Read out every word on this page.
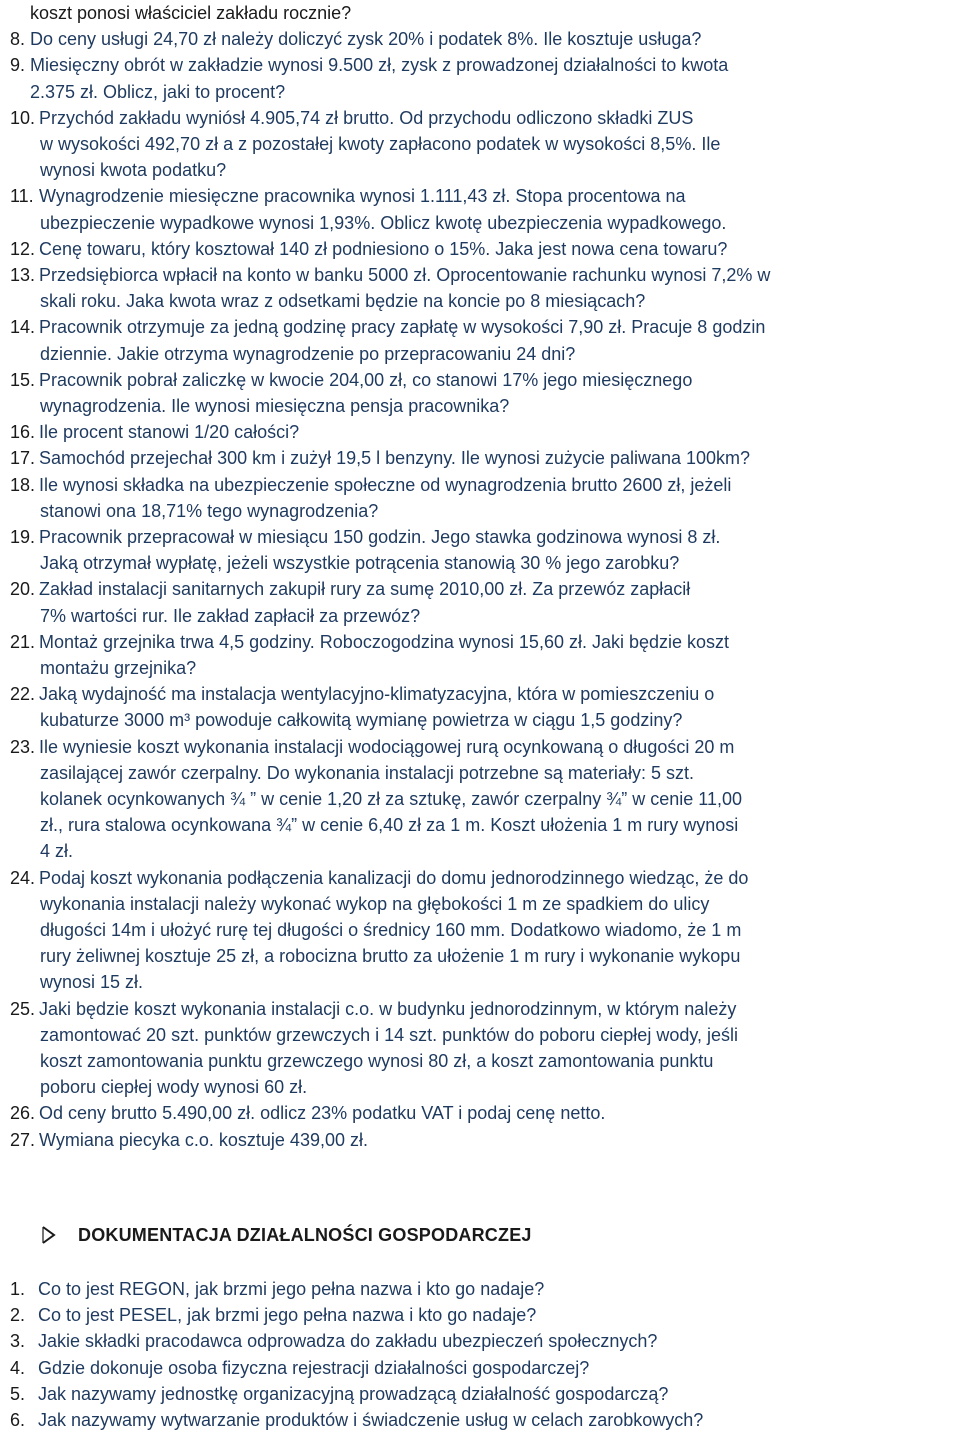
koszt ponosi właściciel zakładu rocznie?
8. Do ceny usługi 24,70 zł należy doliczyć zysk 20% i podatek 8%. Ile kosztuje usługa?
9. Miesięczny obrót w zakładzie wynosi 9.500 zł, zysk z prowadzonej działalności to kwota
2.375 zł. Oblicz, jaki to procent?
10. Przychód zakładu wyniósł 4.905,74 zł brutto. Od przychodu odliczono składki ZUS
w wysokości 492,70 zł a z pozostałej kwoty zapłacono podatek w wysokości 8,5%. Ile
wynosi kwota podatku?
11. Wynagrodzenie miesięczne pracownika wynosi 1.111,43 zł. Stopa procentowa na
ubezpieczenie wypadkowe wynosi 1,93%. Oblicz kwotę ubezpieczenia wypadkowego.
12. Cenę towaru, który kosztował 140 zł podniesiono o 15%. Jaka jest nowa cena towaru?
13. Przedsiębiorca wpłacił na konto w banku 5000 zł. Oprocentowanie rachunku wynosi 7,2% w
skali roku. Jaka kwota wraz z odsetkami będzie na koncie po 8 miesiącach?
14. Pracownik otrzymuje za jedną godzinę pracy zapłatę w wysokości 7,90 zł. Pracuje 8 godzin
dziennie. Jakie otrzyma wynagrodzenie po przepracowaniu 24 dni?
15. Pracownik pobrał zaliczkę w kwocie 204,00 zł, co stanowi 17% jego miesięcznego
wynagrodzenia. Ile wynosi miesięczna pensja pracownika?
16. Ile procent stanowi 1/20 całości?
17. Samochód przejechał 300 km i zużył 19,5 l benzyny. Ile wynosi zużycie paliwana 100km?
18. Ile wynosi składka na ubezpieczenie społeczne od wynagrodzenia brutto 2600 zł, jeżeli
stanowi ona 18,71% tego wynagrodzenia?
19. Pracownik przepracował w miesiącu 150 godzin. Jego stawka godzinowa wynosi 8 zł.
Jaką otrzymał wypłatę, jeżeli wszystkie potrącenia stanowią 30 % jego zarobku?
20. Zakład instalacji sanitarnych zakupił rury za sumę 2010,00 zł. Za przewóz zapłacił
7% wartości rur. Ile zakład zapłacił za przewóz?
21. Montaż grzejnika trwa 4,5 godziny. Roboczogodzina wynosi 15,60 zł. Jaki będzie koszt
montażu grzejnika?
22. Jaką wydajność ma instalacja wentylacyjno-klimatyzacyjna, która w pomieszczeniu o
kubaturze 3000 m³ powoduje całkowitą wymianę powietrza w ciągu 1,5 godziny?
23. Ile wyniesie koszt wykonania instalacji wodociągowej rurą ocynkowaną o długości 20 m
zasilającej zawór czerpalny. Do wykonania instalacji potrzebne są materiały: 5 szt.
kolanek ocynkowanych ¾ ” w cenie 1,20 zł za sztukę, zawór czerpalny ¾” w cenie 11,00
zł., rura stalowa ocynkowana ¾” w cenie 6,40 zł za 1 m. Koszt ułożenia 1 m rury wynosi
4 zł.
24. Podaj koszt wykonania podłączenia kanalizacji do domu jednorodzinnego wiedząc, że do
wykonania instalacji należy wykonać wykop na głębokości 1 m ze spadkiem do ulicy
długości 14m i ułożyć rurę tej długości o średnicy 160 mm. Dodatkowo wiadomo, że 1 m
rury żeliwnej kosztuje 25 zł, a robocizna brutto za ułożenie 1 m rury i wykonanie wykopu
wynosi 15 zł.
25. Jaki będzie koszt wykonania instalacji c.o. w budynku jednorodzinnym, w którym należy
zamontować 20 szt. punktów grzewczych i 14 szt. punktów do poboru ciepłej wody, jeśli
koszt zamontowania punktu grzewczego wynosi 80 zł, a koszt zamontowania punktu
poboru ciepłej wody wynosi 60 zł.
26. Od ceny brutto 5.490,00 zł. odlicz 23% podatku VAT i podaj cenę netto.
27. Wymiana piecyka c.o. kosztuje 439,00 zł.
DOKUMENTACJA DZIAŁALNOŚCI GOSPODARCZEJ
1. Co to jest REGON, jak brzmi jego pełna nazwa i kto go nadaje?
2. Co to jest PESEL, jak brzmi jego pełna nazwa i kto go nadaje?
3. Jakie składki pracodawca odprowadza do zakładu ubezpieczeń społecznych?
4. Gdzie dokonuje osoba fizyczna rejestracji działalności gospodarczej?
5. Jak nazywamy jednostkę organizacyjną prowadzącą działalność gospodarczą?
6. Jak nazywamy wytwarzanie produktów i świadczenie usług w celach zarobkowych?
